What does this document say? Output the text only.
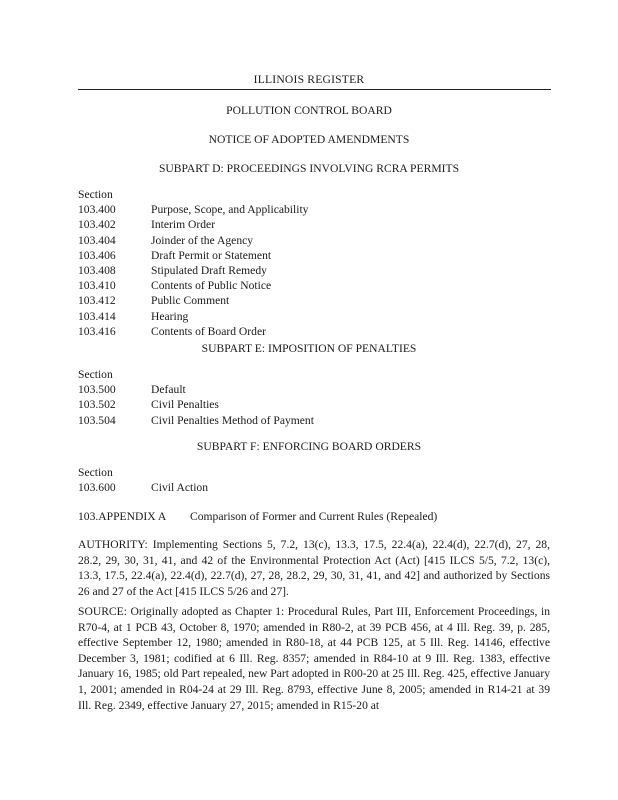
ILLINOIS REGISTER
POLLUTION CONTROL BOARD
NOTICE OF ADOPTED AMENDMENTS
SUBPART D: PROCEEDINGS INVOLVING RCRA PERMITS
Section
103.400	Purpose, Scope, and Applicability
103.402	Interim Order
103.404	Joinder of the Agency
103.406	Draft Permit or Statement
103.408	Stipulated Draft Remedy
103.410	Contents of Public Notice
103.412	Public Comment
103.414	Hearing
103.416	Contents of Board Order
SUBPART E: IMPOSITION OF PENALTIES
Section
103.500	Default
103.502	Civil Penalties
103.504	Civil Penalties Method of Payment
SUBPART F: ENFORCING BOARD ORDERS
Section
103.600	Civil Action
103.APPENDIX A	Comparison of Former and Current Rules (Repealed)
AUTHORITY: Implementing Sections 5, 7.2, 13(c), 13.3, 17.5, 22.4(a), 22.4(d), 22.7(d), 27, 28, 28.2, 29, 30, 31, 41, and 42 of the Environmental Protection Act (Act) [415 ILCS 5/5, 7.2, 13(c), 13.3, 17.5, 22.4(a), 22.4(d), 22.7(d), 27, 28, 28.2, 29, 30, 31, 41, and 42] and authorized by Sections 26 and 27 of the Act [415 ILCS 5/26 and 27].
SOURCE: Originally adopted as Chapter 1: Procedural Rules, Part III, Enforcement Proceedings, in R70-4, at 1 PCB 43, October 8, 1970; amended in R80-2, at 39 PCB 456, at 4 Ill. Reg. 39, p. 285, effective September 12, 1980; amended in R80-18, at 44 PCB 125, at 5 Ill. Reg. 14146, effective December 3, 1981; codified at 6 Ill. Reg. 8357; amended in R84-10 at 9 Ill. Reg. 1383, effective January 16, 1985; old Part repealed, new Part adopted in R00-20 at 25 Ill. Reg. 425, effective January 1, 2001; amended in R04-24 at 29 Ill. Reg. 8793, effective June 8, 2005; amended in R14-21 at 39 Ill. Reg. 2349, effective January 27, 2015; amended in R15-20 at
